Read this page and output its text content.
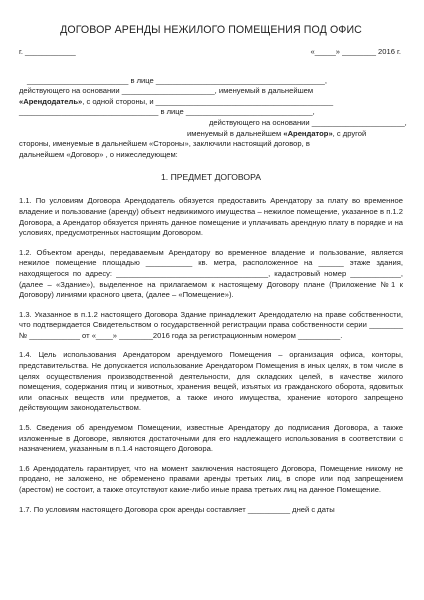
ДОГОВОР АРЕНДЫ НЕЖИЛОГО ПОМЕЩЕНИЯ ПОД ОФИС
г. ____________	«_____» ________ 2016 г.
________________________ в лице ________________________________________,
действующего на основании ______________________, именуемый в дальнейшем
«Арендодатель», с одной стороны, и __________________________________________
_________________________________ в лице ______________________________,
действующего на основании ______________________,
именуемый в дальнейшем «Арендатор», с другой
стороны, именуемые в дальнейшем «Стороны», заключили настоящий договор, в
дальнейшем «Договор» , о нижеследующем:
1. ПРЕДМЕТ ДОГОВОРА

1.1. По условиям Договора Арендодатель обязуется предоставить Арендатору за плату во временное владение и пользование (аренду) объект недвижимого имущества – нежилое помещение, указанное в п.1.2 Договора, а Арендатор обязуется принять данное помещение и уплачивать арендную плату в порядке и на условиях, предусмотренных настоящим Договором.

1.2. Объектом аренды, передаваемым Арендатору во временное владение и пользование, является нежилое помещение площадью ___________ кв. метра, расположенное на ______ этаже здания, находящегося по адресу: ____________________________________, кадастровый номер ____________, (далее – «Здание»), выделенное на прилагаемом к настоящему Договору плане (Приложение №1 к Договору) линиями красного цвета, (далее – «Помещение»).

1.3. Указанное в п.1.2 настоящего Договора Здание принадлежит Арендодателю на праве собственности, что подтверждается Свидетельством о государственной регистрации права собственности серии ________ № ____________ от «____» ________2016 года за регистрационным номером __________.

1.4. Цель использования Арендатором арендуемого Помещения – организация офиса, конторы, представительства. Не допускается использование Арендатором Помещения в иных целях, в том числе в целях осуществления производственной деятельности, для складских целей, в качестве жилого помещения, содержания птиц и животных, хранения вещей, изъятых из гражданского оборота, ядовитых или опасных веществ или предметов, а также иного имущества, хранение которого запрещено действующим законодательством.

1.5. Сведения об арендуемом Помещении, известные Арендатору до подписания Договора, а также изложенные в Договоре, являются достаточными для его надлежащего использования в соответствии с назначением, указанным в п.1.4 настоящего Договора.

1.6 Арендодатель гарантирует, что на момент заключения настоящего Договора, Помещение никому не продано, не заложено, не обременено правами аренды третьих лиц, в споре или под запрещением (арестом) не состоит, а также отсутствуют какие-либо иные права третьих лиц на данное Помещение.

1.7. По условиям настоящего Договора срок аренды составляет __________ дней с даты
